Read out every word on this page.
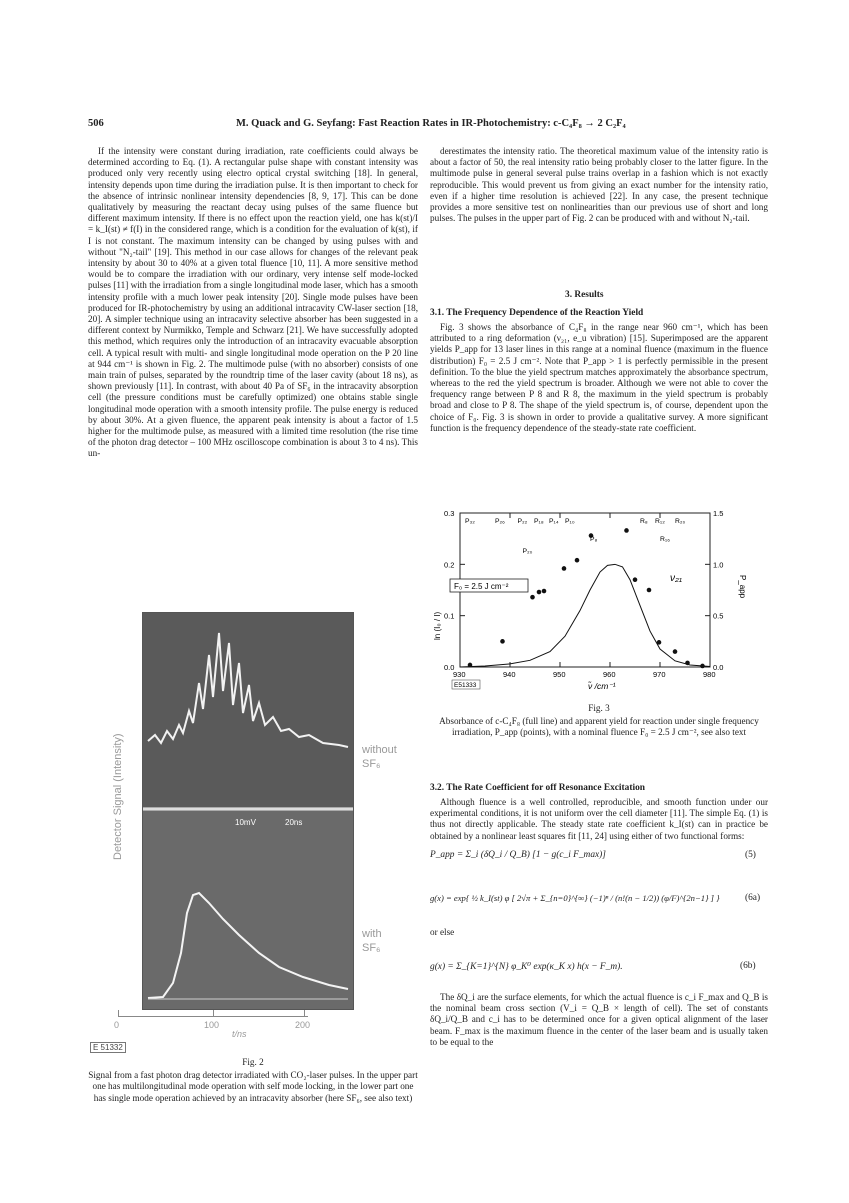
506	M. Quack and G. Seyfang: Fast Reaction Rates in IR-Photochemistry: c-C₄F₈ → 2 C₂F₄

If the intensity were constant during irradiation, rate coefficients could always be determined according to Eq. (1). A rectangular pulse shape with constant intensity was produced only very recently using electro optical crystal switching [18]. In general, intensity depends upon time during the irradiation pulse. It is then important to check for the absence of intrinsic nonlinear intensity dependencies [8, 9, 17]. This can be done qualitatively by measuring the reactant decay using pulses of the same fluence but different maximum intensity. If there is no effect upon the reaction yield, one has k(st)/I = k_I(st) ≠ f(I) in the considered range, which is a condition for the evaluation of k(st), if I is not constant. The maximum intensity can be changed by using pulses with and without "N₂-tail" [19]. This method in our case allows for changes of the relevant peak intensity by about 30 to 40% at a given total fluence [10, 11]. A more sensitive method would be to compare the irradiation with our ordinary, very intense self mode-locked pulses [11] with the irradiation from a single longitudinal mode laser, which has a smooth intensity profile with a much lower peak intensity [20]. Single mode pulses have been produced for IR-photochemistry by using an additional intracavity CW-laser section [18, 20]. A simpler technique using an intracavity selective absorber has been suggested in a different context by Nurmikko, Temple and Schwarz [21]. We have successfully adopted this method, which requires only the introduction of an intracavity evacuable absorption cell. A typical result with multi- and single longitudinal mode operation on the P 20 line at 944 cm⁻¹ is shown in Fig. 2. The multimode pulse (with no absorber) consists of one main train of pulses, separated by the roundtrip time of the laser cavity (about 18 ns), as shown previously [11]. In contrast, with about 40 Pa of SF₆ in the intracavity absorption cell (the pressure conditions must be carefully optimized) one obtains stable single longitudinal mode operation with a smooth intensity profile. The pulse energy is reduced by about 30%. At a given fluence, the apparent peak intensity is about a factor of 1.5 higher for the multimode pulse, as measured with a limited time resolution (the rise time of the photon drag detector – 100 MHz oscilloscope combination is about 3 to 4 ns). This un-

derestimates the intensity ratio. The theoretical maximum value of the intensity ratio is about a factor of 50, the real intensity ratio being probably closer to the latter figure. In the multimode pulse in general several pulse trains overlap in a fashion which is not exactly reproducible. This would prevent us from giving an exact number for the intensity ratio, even if a higher time resolution is achieved [22]. In any case, the present technique provides a more sensitive test on nonlinearities than our previous use of short and long pulses. The pulses in the upper part of Fig. 2 can be produced with and without N₂-tail.

3. Results
3.1. The Frequency Dependence of the Reaction Yield

Fig. 3 shows the absorbance of C₄F₈ in the range near 960 cm⁻¹, which has been attributed to a ring deformation (ν₂₁, e_u vibration) [15]. Superimposed are the apparent yields P_app for 13 laser lines in this range at a nominal fluence (maximum in the fluence distribution) F₀ = 2.5 J cm⁻². Note that P_app > 1 is perfectly permissible in the present definition. To the blue the yield spectrum matches approximately the absorbance spectrum, whereas to the red the yield spectrum is broader. Although we were not able to cover the frequency range between P 8 and R 8, the maximum in the yield spectrum is probably broad and close to P 8. The shape of the yield spectrum is, of course, dependent upon the choice of F₀. Fig. 3 is shown in order to provide a qualitative survey. A more significant function is the frequency dependence of the steady-state rate coefficient.

930	940	950	960	970	980
0.0
0.1
0.2
0.3
0.0
0.5
1.0
1.5
F₀ = 2.5 J cm⁻²
ν₂₁
ln (I₀ / I)
P_app
ν̃ /cm⁻¹
E51333
P₃₂	P₂₆ P₂₂ P₁₈ P₁₄ P₁₀
P₈
P₂₀
R₈ R₁₂ R₂₀
R₁₆
Fig. 3
Absorbance of c-C₄F₈ (full line) and apparent yield for reaction under single frequency irradiation, P_app (points), with a nominal fluence F₀ = 2.5 J cm⁻², see also text
3.2. The Rate Coefficient for off Resonance Excitation

Although fluence is a well controlled, reproducible, and smooth function under our experimental conditions, it is not uniform over the cell diameter [11]. The simple Eq. (1) is thus not directly applicable. The steady state rate coefficient k_I(st) can in practice be obtained by a nonlinear least squares fit [11, 24] using either of two functional forms:

P_app = Σ_i (δQ_i / Q_B) [1 − g(c_i F_max)]	(5)
g(x) = exp{ ½ k_I(st) φ [ 2√π + Σ_{n=0}^{∞} (−1)ⁿ / (n!(n − 1/2)) (φ/F)^{2n−1} ] }	(6a)
or else
g(x) = Σ_{K=1}^{N} φ_K⁰ exp(κ_K x) h(x − F_m).	(6b)

The δQ_i are the surface elements, for which the actual fluence is c_i F_max and Q_B is the nominal beam cross section (V_i = Q_B × length of cell). The set of constants δQ_i/Q_B and c_i has to be determined once for a given optical alignment of the laser beam. F_max is the maximum fluence in the center of the laser beam and is usually taken to be equal to the

10mV	20ns
Detector Signal (Intensity)	without
SF₆
with
SF₆
0	100	200
t/ns
E 51332
Fig. 2
Signal from a fast photon drag detector irradiated with CO₂-laser pulses. In the upper part one has multilongitudinal mode operation with self mode locking, in the lower part one has single mode operation achieved by an intracavity absorber (here SF₆, see also text)
